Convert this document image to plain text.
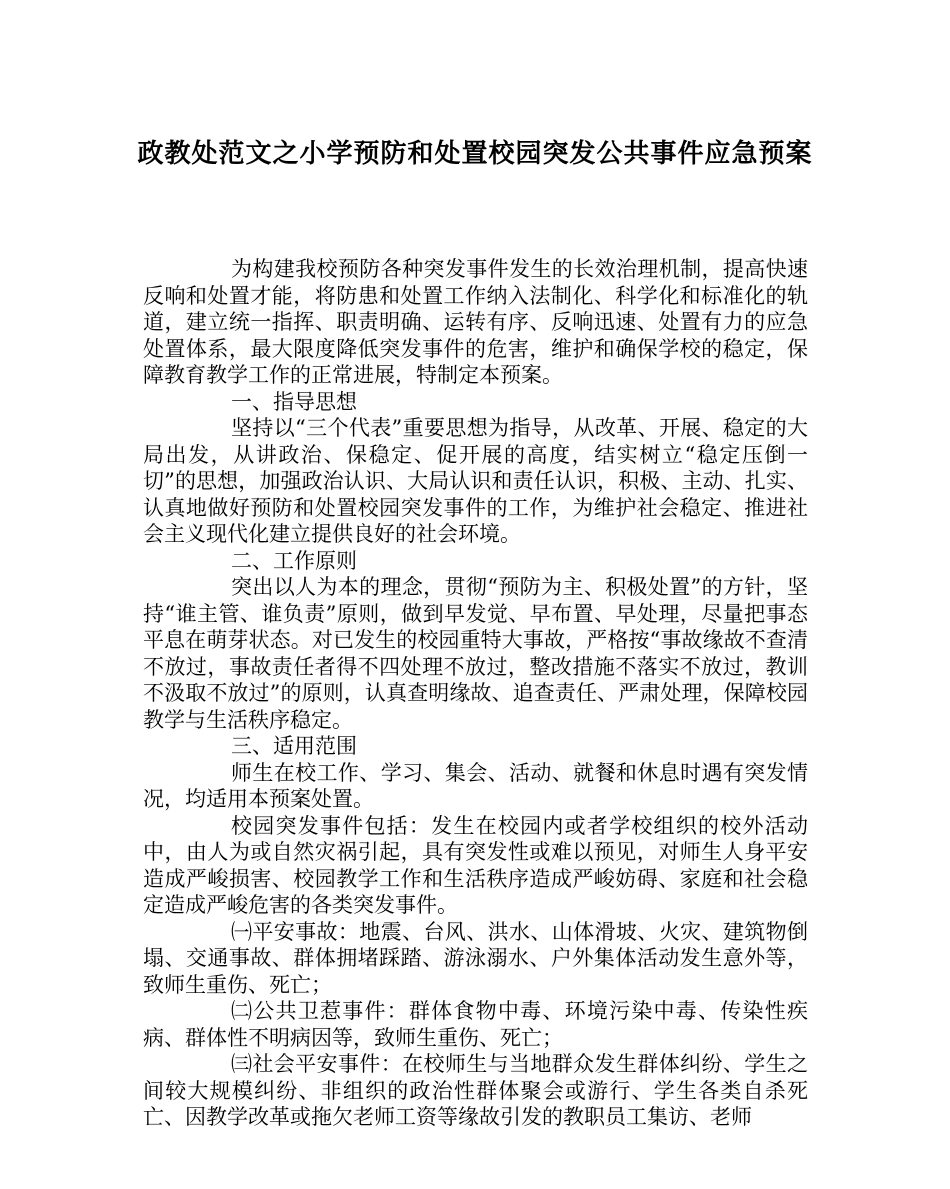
政教处范文之小学预防和处置校园突发公共事件应急预案

为构建我校预防各种突发事件发生的长效治理机制，提高快速反响和处置才能，将防患和处置工作纳入法制化、科学化和标准化的轨道，建立统一指挥、职责明确、运转有序、反响迅速、处置有力的应急处置体系，最大限度降低突发事件的危害，维护和确保学校的稳定，保障教育教学工作的正常进展，特制定本预案。

一、指导思想

坚持以“三个代表”重要思想为指导，从改革、开展、稳定的大局出发，从讲政治、保稳定、促开展的高度，结实树立“稳定压倒一切”的思想，加强政治认识、大局认识和责任认识，积极、主动、扎实、认真地做好预防和处置校园突发事件的工作，为维护社会稳定、推进社会主义现代化建立提供良好的社会环境。

二、工作原则

突出以人为本的理念，贯彻“预防为主、积极处置”的方针，坚持“谁主管、谁负责”原则，做到早发觉、早布置、早处理，尽量把事态平息在萌芽状态。对已发生的校园重特大事故，严格按“事故缘故不查清不放过，事故责任者得不四处理不放过，整改措施不落实不放过，教训不汲取不放过”的原则，认真查明缘故、追查责任、严肃处理，保障校园教学与生活秩序稳定。

三、适用范围

师生在校工作、学习、集会、活动、就餐和休息时遇有突发情况，均适用本预案处置。

校园突发事件包括：发生在校园内或者学校组织的校外活动中，由人为或自然灾祸引起，具有突发性或难以预见，对师生人身平安造成严峻损害、校园教学工作和生活秩序造成严峻妨碍、家庭和社会稳定造成严峻危害的各类突发事件。

㈠平安事故：地震、台风、洪水、山体滑坡、火灾、建筑物倒塌、交通事故、群体拥堵踩踏、游泳溺水、户外集体活动发生意外等，致师生重伤、死亡；

㈡公共卫惹事件：群体食物中毒、环境污染中毒、传染性疾病、群体性不明病因等，致师生重伤、死亡；

㈢社会平安事件：在校师生与当地群众发生群体纠纷、学生之间较大规模纠纷、非组织的政治性群体聚会或游行、学生各类自杀死亡、因教学改革或拖欠老师工资等缘故引发的教职员工集访、老师
